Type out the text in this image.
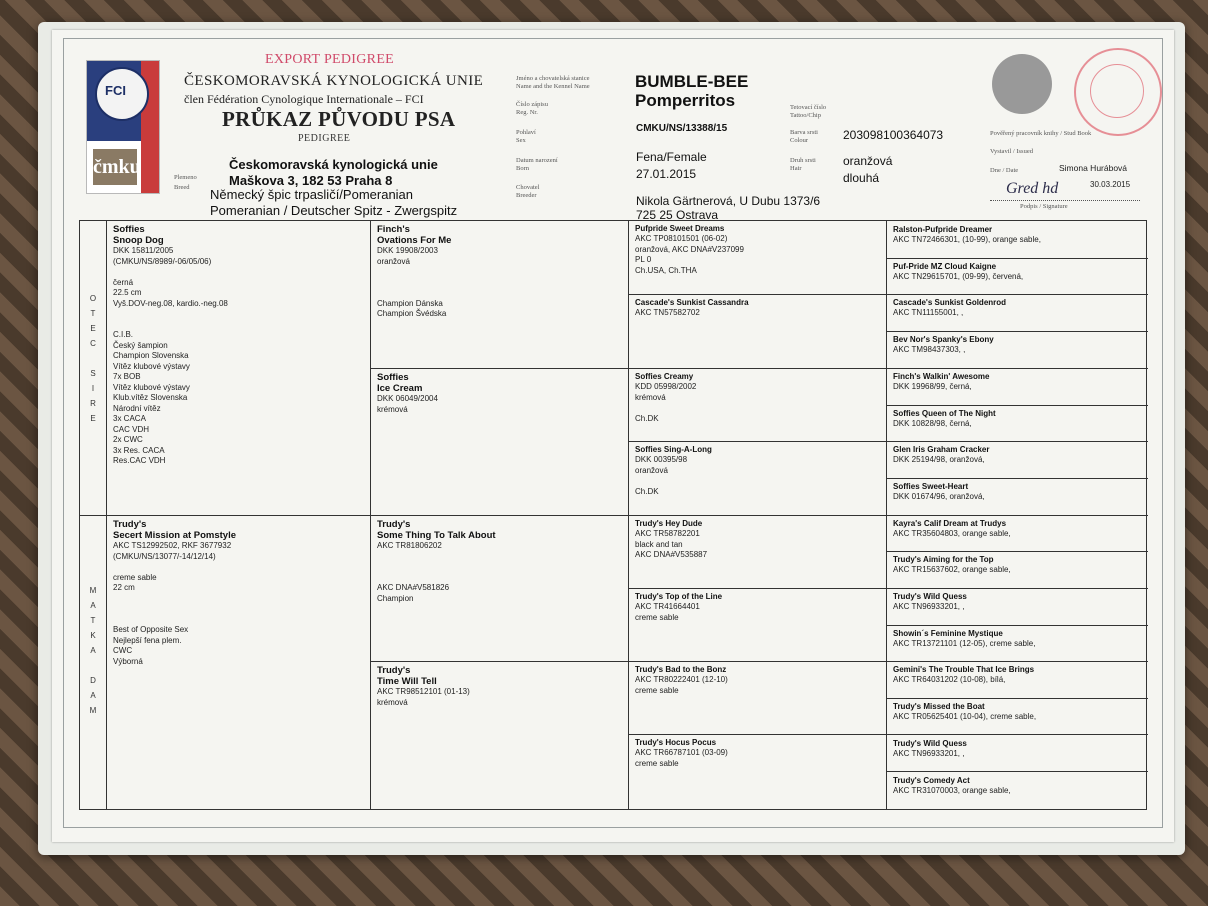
FCI
čmku
EXPORT PEDIGREE
ČESKOMORAVSKÁ KYNOLOGICKÁ UNIE
člen Fédération Cynologique Internationale – FCI
PRŮKAZ PŮVODU PSA
PEDIGREE
Českomoravská kynologická unie
Maškova 3, 182 53 Praha 8
Plemeno
Breed Německý špic trpasličí/Pomeranian
Pomeranian / Deutscher Spitz - Zwergspitz
Jméno a chovatelská stanice
Name and the Kennel Name
Číslo zápisu
Reg. Nr.
Pohlaví
Sex
Datum narození
Born
Chovatel
Breeder
BUMBLE-BEE
Pomperritos
CMKU/NS/13388/15
Fena/Female
27.01.2015
Nikola Gärtnerová, U Dubu 1373/6
725 25 Ostrava
Tetovací číslo
Tattoo/Chip
Barva srsti
Colour
Druh srsti
Hair
203098100364073
oranžová
dlouhá
Pověřený pracovník knihy / Stud Book
Vystavil / Issued
Dne / Date	Simona Hurábová
30.03.2015
Gred hd
Podpis / Signature
O
T
E
C

S
I
R
E
M
A
T
K
A

D
A
M
Soffies
Snoop Dog
DKK 15811/2005
(CMKU/NS/8989/-06/05/06)

černá
22.5 cm
Vyš.DOV-neg.08, kardio.-neg.08

C.I.B.
Český šampion
Champion Slovenska
Vítěz klubové výstavy
7x BOB
Vítěz klubové výstavy
Klub.vítěz Slovenska
Národní vítěz
3x CACA
CAC VDH
2x CWC
3x Res. CACA
Res.CAC VDH
Trudy's
Secert Mission at Pomstyle
AKC TS12992502, RKF 3677932
(CMKU/NS/13077/-14/12/14)

creme sable
22 cm

Best of Opposite Sex
Nejlepší fena plem.
CWC
Výborná
Finch's
Ovations For Me
DKK 19908/2003
oranžová

Champion Dánska
Champion Švédska
Soffies
Ice Cream
DKK 06049/2004
krémová
Trudy's
Some Thing To Talk About
AKC TR81806202

AKC DNA#V581826
Champion
Trudy's
Time Will Tell
AKC TR98512101 (01-13)
krémová
Pufpride Sweet Dreams
AKC TP08101501 (06-02)
oranžová, AKC DNA#V237099
PL 0
Ch.USA, Ch.THA
Cascade's Sunkist Cassandra
AKC TN57582702
Soffies Creamy
KDD 05998/2002
krémová

Ch.DK
Soffies Sing-A-Long
DKK 00395/98
oranžová

Ch.DK
Trudy's Hey Dude
AKC TR58782201
black and tan
AKC DNA#V535887
Trudy's Top of the Line
AKC TR41664401
creme sable
Trudy's Bad to the Bonz
AKC TR80222401 (12-10)
creme sable
Trudy's Hocus Pocus
AKC TR66787101 (03-09)
creme sable
Ralston-Pufpride Dreamer
AKC TN72466301, (10-99), orange sable,
Puf-Pride MZ Cloud Kaigne
AKC TN29615701, (09-99), červená,
Cascade's Sunkist Goldenrod
AKC TN11155001, ,
Bev Nor's Spanky's Ebony
AKC TM98437303, ,
Finch's Walkin' Awesome
DKK 19968/99, černá,
Soffies Queen of The Night
DKK 10828/98, černá,
Glen Iris Graham Cracker
DKK 25194/98, oranžová,
Soffies Sweet-Heart
DKK 01674/96, oranžová,
Kayra's Calif Dream at Trudys
AKC TR35604803, orange sable,
Trudy's Aiming for the Top
AKC TR15637602, orange sable,
Trudy's Wild Quess
AKC TN96933201, ,
Showin´s Feminine Mystique
AKC TR13721101 (12-05), creme sable,
Gemini's The Trouble That Ice Brings
AKC TR64031202 (10-08), bílá,
Trudy's Missed the Boat
AKC TR05625401 (10-04), creme sable,
Trudy's Wild Quess
AKC TN96933201, ,
Trudy's Comedy Act
AKC TR31070003, orange sable,
